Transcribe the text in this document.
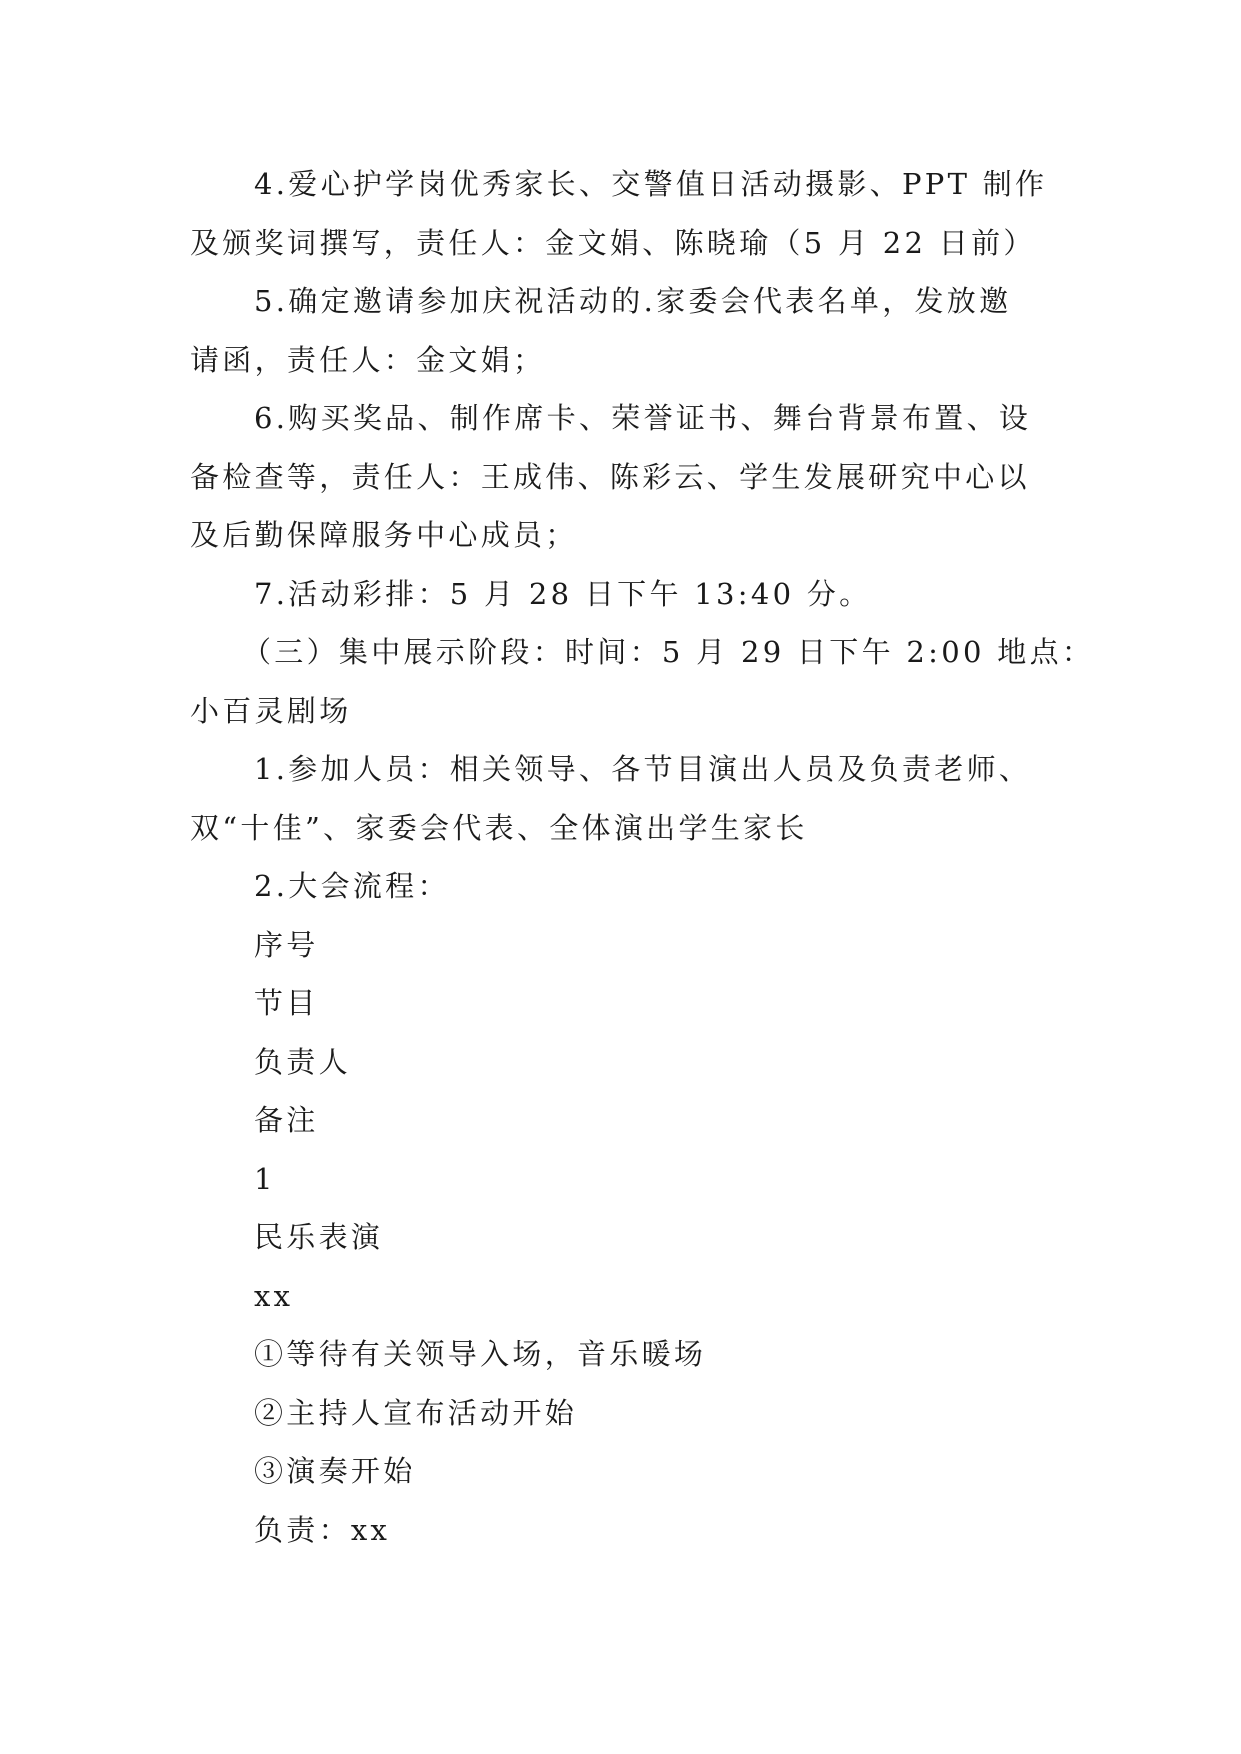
4.爱心护学岗优秀家长、交警值日活动摄影、PPT 制作
及颁奖词撰写，责任人：金文娟、陈晓瑜（5 月 22 日前）
5.确定邀请参加庆祝活动的.家委会代表名单，发放邀
请函，责任人：金文娟；
6.购买奖品、制作席卡、荣誉证书、舞台背景布置、设
备检查等，责任人：王成伟、陈彩云、学生发展研究中心以
及后勤保障服务中心成员；
7.活动彩排：5 月 28 日下午 13:40 分。
（三）集中展示阶段：时间：5 月 29 日下午 2:00 地点：
小百灵剧场
1.参加人员：相关领导、各节目演出人员及负责老师、
双“十佳”、家委会代表、全体演出学生家长
2.大会流程：
序号
节目
负责人
备注
1
民乐表演
xx
①等待有关领导入场，音乐暖场
②主持人宣布活动开始
③演奏开始
负责：xx
